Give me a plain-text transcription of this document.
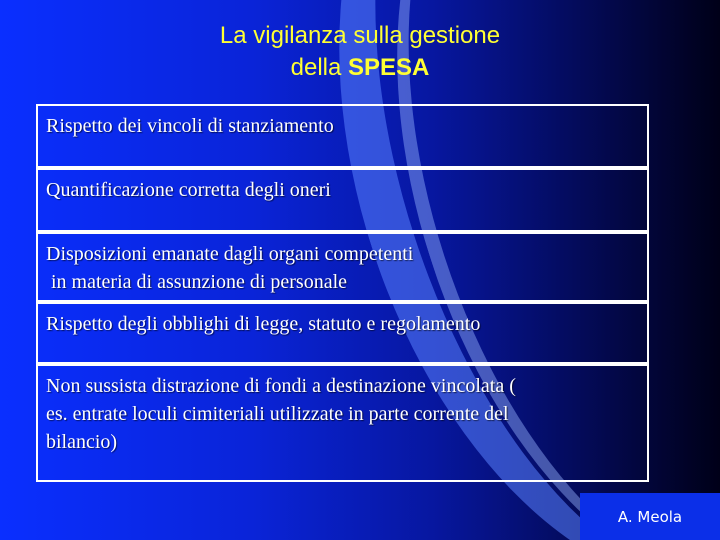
La vigilanza sulla gestione
della SPESA
Rispetto dei vincoli di stanziamento
Quantificazione corretta degli oneri
Disposizioni emanate dagli organi competenti
in materia di assunzione di personale
Rispetto degli obblighi di legge, statuto e regolamento
Non sussista distrazione di fondi a destinazione vincolata (
es. entrate loculi cimiteriali utilizzate in parte corrente del
bilancio)
A. Meola
